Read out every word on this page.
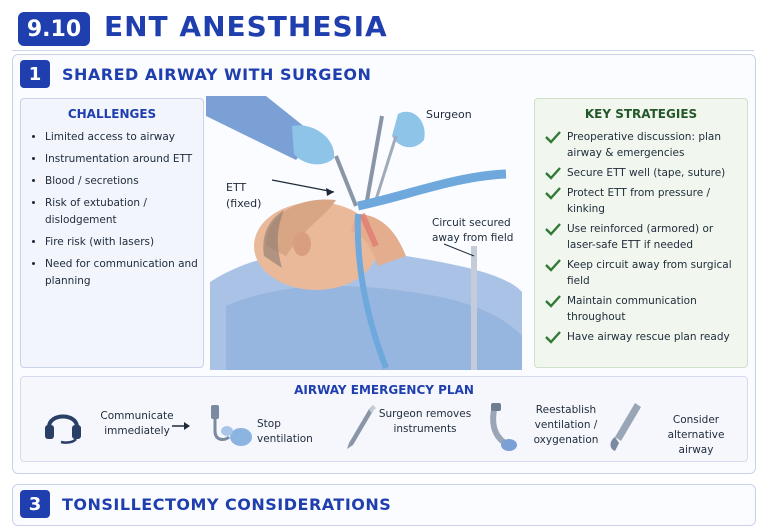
9.10 ENT ANESTHESIA
1	SHARED AIRWAY WITH SURGEON
CHALLENGES
• Limited access to airway
• Instrumentation around ETT
• Blood / secretions
• Risk of extubation / dislodgement
• Fire risk (with lasers)
• Need for communication and planning
Surgeon
ETT (fixed)
Circuit secured away from field
KEY STRATEGIES
Preoperative discussion: plan airway & emergencies
Secure ETT well (tape, suture)
Protect ETT from pressure / kinking
Use reinforced (armored) or laser-safe ETT if needed
Keep circuit away from surgical field
Maintain communication throughout
Have airway rescue plan ready
AIRWAY EMERGENCY PLAN
Communicate immediately
Stop ventilation
Surgeon removes instruments
Reestablish ventilation / oxygenation
Consider alternative airway
3	TONSILLECTOMY CONSIDERATIONS
